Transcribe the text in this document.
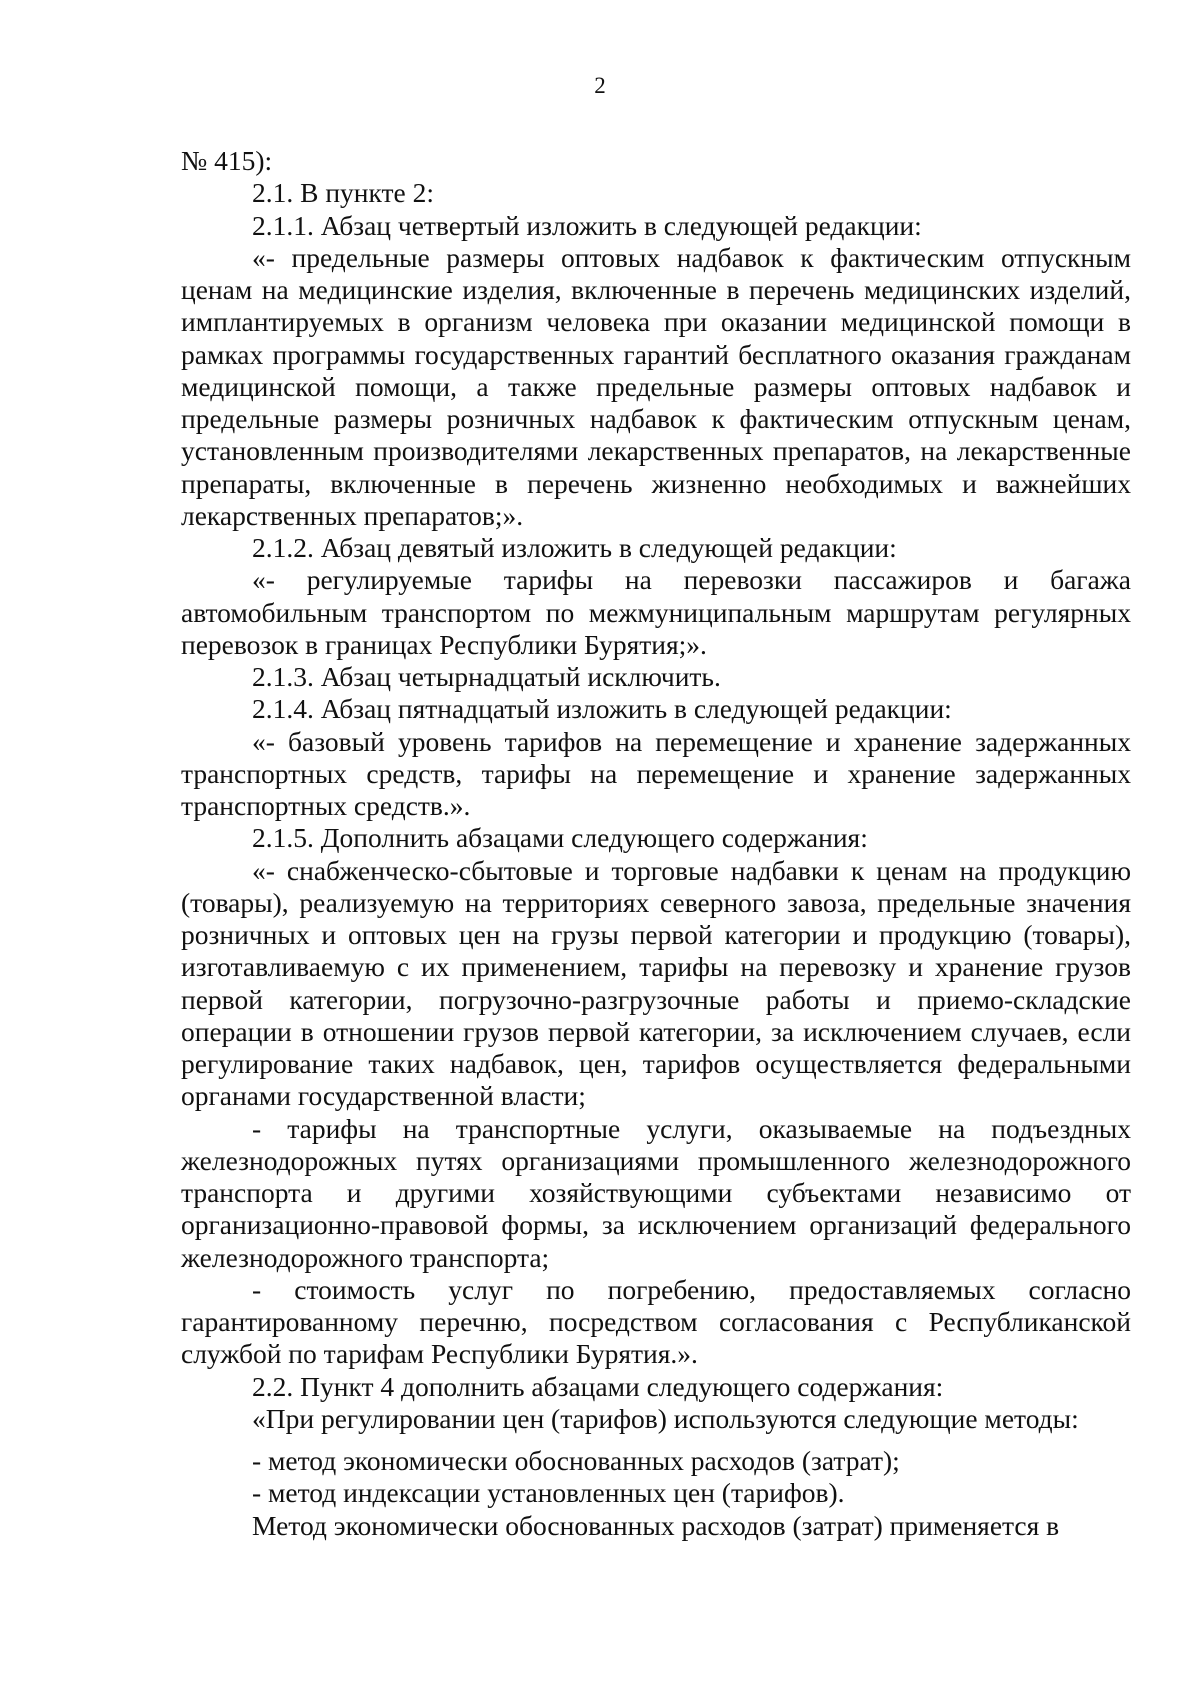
2

№ 415):

2.1. В пункте 2:

2.1.1. Абзац четвертый изложить в следующей редакции:

«- предельные размеры оптовых надбавок к фактическим отпускным ценам на медицинские изделия, включенные в перечень медицинских изделий, имплантируемых в организм человека при оказании медицинской помощи в рамках программы государственных гарантий бесплатного оказания гражданам медицинской помощи, а также предельные размеры оптовых надбавок и предельные размеры розничных надбавок к фактическим отпускным ценам, установленным производителями лекарственных препаратов, на лекарственные препараты, включенные в перечень жизненно необходимых и важнейших лекарственных препаратов;».

2.1.2. Абзац девятый изложить в следующей редакции:

«- регулируемые тарифы на перевозки пассажиров и багажа автомобильным транспортом по межмуниципальным маршрутам регулярных перевозок в границах Республики Бурятия;».

2.1.3. Абзац четырнадцатый исключить.

2.1.4. Абзац пятнадцатый изложить в следующей редакции:

«- базовый уровень тарифов на перемещение и хранение задержанных транспортных средств, тарифы на перемещение и хранение задержанных транспортных средств.».

2.1.5. Дополнить абзацами следующего содержания:

«- снабженческо-сбытовые и торговые надбавки к ценам на продукцию (товары), реализуемую на территориях северного завоза, предельные значения розничных и оптовых цен на грузы первой категории и продукцию (товары), изготавливаемую с их применением, тарифы на перевозку и хранение грузов первой категории, погрузочно-разгрузочные работы и приемо-складские операции в отношении грузов первой категории, за исключением случаев, если регулирование таких надбавок, цен, тарифов осуществляется федеральными органами государственной власти;

- тарифы на транспортные услуги, оказываемые на подъездных железнодорожных путях организациями промышленного железнодорожного транспорта и другими хозяйствующими субъектами независимо от организационно-правовой формы, за исключением организаций федерального железнодорожного транспорта;

- стоимость услуг по погребению, предоставляемых согласно гарантированному перечню, посредством согласования с Республиканской службой по тарифам Республики Бурятия.».

2.2. Пункт 4 дополнить абзацами следующего содержания:

«При регулировании цен (тарифов) используются следующие методы:

- метод экономически обоснованных расходов (затрат);

- метод индексации установленных цен (тарифов).

Метод экономически обоснованных расходов (затрат) применяется в
